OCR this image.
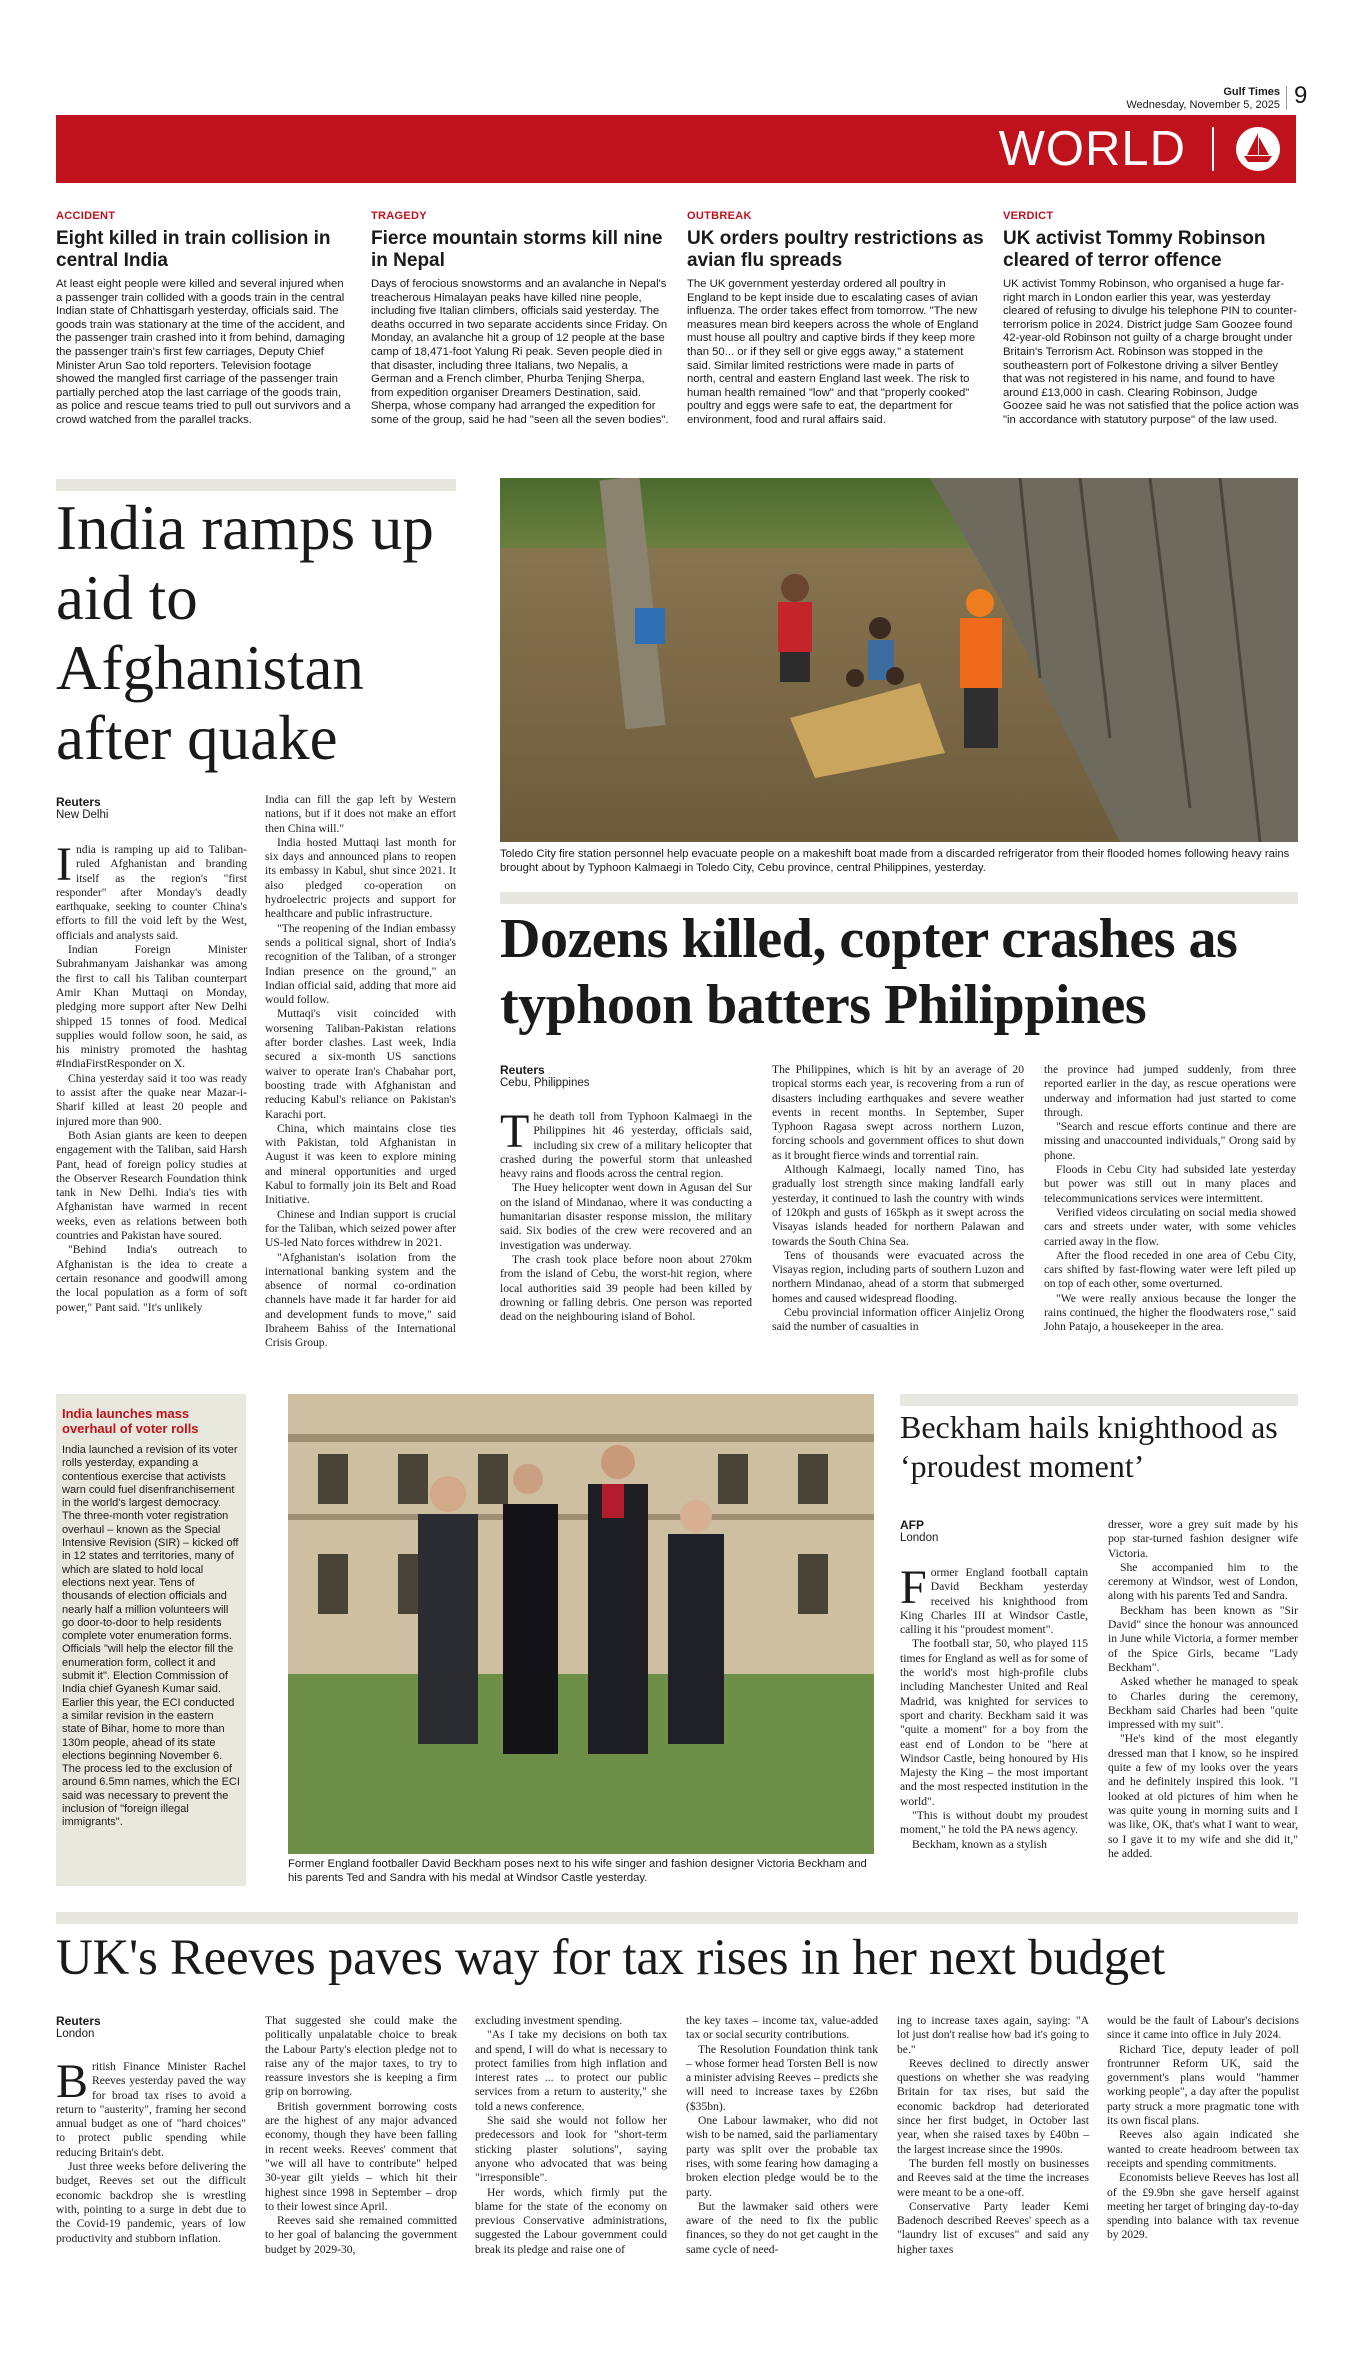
Gulf Times
Wednesday, November 5, 2025 9
WORLD
ACCIDENT
Eight killed in train collision in central India
At least eight people were killed and several injured when a passenger train collided with a goods train in the central Indian state of Chhattisgarh yesterday, officials said. The goods train was stationary at the time of the accident, and the passenger train crashed into it from behind, damaging the passenger train's first few carriages, Deputy Chief Minister Arun Sao told reporters. Television footage showed the mangled first carriage of the passenger train partially perched atop the last carriage of the goods train, as police and rescue teams tried to pull out survivors and a crowd watched from the parallel tracks.
TRAGEDY
Fierce mountain storms kill nine in Nepal
Days of ferocious snowstorms and an avalanche in Nepal's treacherous Himalayan peaks have killed nine people, including five Italian climbers, officials said yesterday. The deaths occurred in two separate accidents since Friday. On Monday, an avalanche hit a group of 12 people at the base camp of 18,471-foot Yalung Ri peak. Seven people died in that disaster, including three Italians, two Nepalis, a German and a French climber, Phurba Tenjing Sherpa, from expedition organiser Dreamers Destination, said. Sherpa, whose company had arranged the expedition for some of the group, said he had "seen all the seven bodies".
OUTBREAK
UK orders poultry restrictions as avian flu spreads
The UK government yesterday ordered all poultry in England to be kept inside due to escalating cases of avian influenza. The order takes effect from tomorrow. "The new measures mean bird keepers across the whole of England must house all poultry and captive birds if they keep more than 50... or if they sell or give eggs away," a statement said. Similar limited restrictions were made in parts of north, central and eastern England last week. The risk to human health remained "low" and that "properly cooked" poultry and eggs were safe to eat, the department for environment, food and rural affairs said.
VERDICT
UK activist Tommy Robinson cleared of terror offence
UK activist Tommy Robinson, who organised a huge far-right march in London earlier this year, was yesterday cleared of refusing to divulge his telephone PIN to counter-terrorism police in 2024. District judge Sam Goozee found 42-year-old Robinson not guilty of a charge brought under Britain's Terrorism Act. Robinson was stopped in the southeastern port of Folkestone driving a silver Bentley that was not registered in his name, and found to have around £13,000 in cash. Clearing Robinson, Judge Goozee said he was not satisfied that the police action was "in accordance with statutory purpose" of the law used.
India ramps up aid to Afghanistan after quake
Reuters
New Delhi

India is ramping up aid to Taliban-ruled Afghanistan and branding itself as the region's "first responder" after Monday's deadly earthquake, seeking to counter China's efforts to fill the void left by the West, officials and analysts said.

Indian Foreign Minister Subrahmanyam Jaishankar was among the first to call his Taliban counterpart Amir Khan Muttaqi on Monday, pledging more support after New Delhi shipped 15 tonnes of food. Medical supplies would follow soon, he said, as his ministry promoted the hashtag #IndiaFirstResponder on X.

China yesterday said it too was ready to assist after the quake near Mazar-i-Sharif killed at least 20 people and injured more than 900.

Both Asian giants are keen to deepen engagement with the Taliban, said Harsh Pant, head of foreign policy studies at the Observer Research Foundation think tank in New Delhi. India's ties with Afghanistan have warmed in recent weeks, even as relations between both countries and Pakistan have soured.

"Behind India's outreach to Afghanistan is the idea to create a certain resonance and goodwill among the local population as a form of soft power," Pant said. "It's unlikely

India can fill the gap left by Western nations, but if it does not make an effort then China will."

India hosted Muttaqi last month for six days and announced plans to reopen its embassy in Kabul, shut since 2021. It also pledged co-operation on hydroelectric projects and support for healthcare and public infrastructure.

"The reopening of the Indian embassy sends a political signal, short of India's recognition of the Taliban, of a stronger Indian presence on the ground," an Indian official said, adding that more aid would follow.

Muttaqi's visit coincided with worsening Taliban-Pakistan relations after border clashes. Last week, India secured a six-month US sanctions waiver to operate Iran's Chabahar port, boosting trade with Afghanistan and reducing Kabul's reliance on Pakistan's Karachi port.

China, which maintains close ties with Pakistan, told Afghanistan in August it was keen to explore mining and mineral opportunities and urged Kabul to formally join its Belt and Road Initiative.

Chinese and Indian support is crucial for the Taliban, which seized power after US-led Nato forces withdrew in 2021.

"Afghanistan's isolation from the international banking system and the absence of normal co-ordination channels have made it far harder for aid and development funds to move," said Ibraheem Bahiss of the International Crisis Group.

Toledo City fire station personnel help evacuate people on a makeshift boat made from a discarded refrigerator from their flooded homes following heavy rains brought about by Typhoon Kalmaegi in Toledo City, Cebu province, central Philippines, yesterday.
Dozens killed, copter crashes as typhoon batters Philippines
Reuters
Cebu, Philippines

The death toll from Typhoon Kalmaegi in the Philippines hit 46 yesterday, officials said, including six crew of a military helicopter that crashed during the powerful storm that unleashed heavy rains and floods across the central region.

The Huey helicopter went down in Agusan del Sur on the island of Mindanao, where it was conducting a humanitarian disaster response mission, the military said. Six bodies of the crew were recovered and an investigation was underway.

The crash took place before noon about 270km from the island of Cebu, the worst-hit region, where local authorities said 39 people had been killed by drowning or falling debris. One person was reported dead on the neighbouring island of Bohol.

The Philippines, which is hit by an average of 20 tropical storms each year, is recovering from a run of disasters including earthquakes and severe weather events in recent months. In September, Super Typhoon Ragasa swept across northern Luzon, forcing schools and government offices to shut down as it brought fierce winds and torrential rain.

Although Kalmaegi, locally named Tino, has gradually lost strength since making landfall early yesterday, it continued to lash the country with winds of 120kph and gusts of 165kph as it swept across the Visayas islands headed for northern Palawan and towards the South China Sea.

Tens of thousands were evacuated across the Visayas region, including parts of southern Luzon and northern Mindanao, ahead of a storm that submerged homes and caused widespread flooding.

Cebu provincial information officer Ainjeliz Orong said the number of casualties in

the province had jumped suddenly, from three reported earlier in the day, as rescue operations were underway and information had just started to come through.

"Search and rescue efforts continue and there are missing and unaccounted individuals," Orong said by phone.

Floods in Cebu City had subsided late yesterday but power was still out in many places and telecommunications services were intermittent.

Verified videos circulating on social media showed cars and streets under water, with some vehicles carried away in the flow.

After the flood receded in one area of Cebu City, cars shifted by fast-flowing water were left piled up on top of each other, some overturned.

"We were really anxious because the longer the rains continued, the higher the floodwaters rose," said John Patajo, a housekeeper in the area.

India launches mass overhaul of voter rolls
India launched a revision of its voter rolls yesterday, expanding a contentious exercise that activists warn could fuel disenfranchisement in the world's largest democracy. The three-month voter registration overhaul – known as the Special Intensive Revision (SIR) – kicked off in 12 states and territories, many of which are slated to hold local elections next year. Tens of thousands of election officials and nearly half a million volunteers will go door-to-door to help residents complete voter enumeration forms. Officials "will help the elector fill the enumeration form, collect it and submit it". Election Commission of India chief Gyanesh Kumar said. Earlier this year, the ECI conducted a similar revision in the eastern state of Bihar, home to more than 130m people, ahead of its state elections beginning November 6. The process led to the exclusion of around 6.5mn names, which the ECI said was necessary to prevent the inclusion of "foreign illegal immigrants".
Former England footballer David Beckham poses next to his wife singer and fashion designer Victoria Beckham and his parents Ted and Sandra with his medal at Windsor Castle yesterday.
Beckham hails knighthood as ‘proudest moment’
AFP
London

Former England football captain David Beckham yesterday received his knighthood from King Charles III at Windsor Castle, calling it his "proudest moment".

The football star, 50, who played 115 times for England as well as for some of the world's most high-profile clubs including Manchester United and Real Madrid, was knighted for services to sport and charity. Beckham said it was "quite a moment" for a boy from the east end of London to be "here at Windsor Castle, being honoured by His Majesty the King – the most important and the most respected institution in the world".

"This is without doubt my proudest moment," he told the PA news agency.

Beckham, known as a stylish

dresser, wore a grey suit made by his pop star-turned fashion designer wife Victoria.

She accompanied him to the ceremony at Windsor, west of London, along with his parents Ted and Sandra.

Beckham has been known as "Sir David" since the honour was announced in June while Victoria, a former member of the Spice Girls, became "Lady Beckham".

Asked whether he managed to speak to Charles during the ceremony, Beckham said Charles had been "quite impressed with my suit".

"He's kind of the most elegantly dressed man that I know, so he inspired quite a few of my looks over the years and he definitely inspired this look. "I looked at old pictures of him when he was quite young in morning suits and I was like, OK, that's what I want to wear, so I gave it to my wife and she did it," he added.

UK's Reeves paves way for tax rises in her next budget
Reuters
London

British Finance Minister Rachel Reeves yesterday paved the way for broad tax rises to avoid a return to "austerity", framing her second annual budget as one of "hard choices" to protect public spending while reducing Britain's debt.

Just three weeks before delivering the budget, Reeves set out the difficult economic backdrop she is wrestling with, pointing to a surge in debt due to the Covid-19 pandemic, years of low productivity and stubborn inflation.

That suggested she could make the politically unpalatable choice to break the Labour Party's election pledge not to raise any of the major taxes, to try to reassure investors she is keeping a firm grip on borrowing.

British government borrowing costs are the highest of any major advanced economy, though they have been falling in recent weeks. Reeves' comment that "we will all have to contribute" helped 30-year gilt yields – which hit their highest since 1998 in September – drop to their lowest since April.

Reeves said she remained committed to her goal of balancing the government budget by 2029-30,

excluding investment spending.

"As I take my decisions on both tax and spend, I will do what is necessary to protect families from high inflation and interest rates ... to protect our public services from a return to austerity," she told a news conference.

She said she would not follow her predecessors and look for "short-term sticking plaster solutions", saying anyone who advocated that was being "irresponsible".

Her words, which firmly put the blame for the state of the economy on previous Conservative administrations, suggested the Labour government could break its pledge and raise one of

the key taxes – income tax, value-added tax or social security contributions.

The Resolution Foundation think tank – whose former head Torsten Bell is now a minister advising Reeves – predicts she will need to increase taxes by £26bn ($35bn).

One Labour lawmaker, who did not wish to be named, said the parliamentary party was split over the probable tax rises, with some fearing how damaging a broken election pledge would be to the party.

But the lawmaker said others were aware of the need to fix the public finances, so they do not get caught in the same cycle of need-

ing to increase taxes again, saying: "A lot just don't realise how bad it's going to be."

Reeves declined to directly answer questions on whether she was readying Britain for tax rises, but said the economic backdrop had deteriorated since her first budget, in October last year, when she raised taxes by £40bn – the largest increase since the 1990s.

The burden fell mostly on businesses and Reeves said at the time the increases were meant to be a one-off.

Conservative Party leader Kemi Badenoch described Reeves' speech as a "laundry list of excuses" and said any higher taxes

would be the fault of Labour's decisions since it came into office in July 2024.

Richard Tice, deputy leader of poll frontrunner Reform UK, said the government's plans would "hammer working people", a day after the populist party struck a more pragmatic tone with its own fiscal plans.

Reeves also again indicated she wanted to create headroom between tax receipts and spending commitments.

Economists believe Reeves has lost all of the £9.9bn she gave herself against meeting her target of bringing day-to-day spending into balance with tax revenue by 2029.
